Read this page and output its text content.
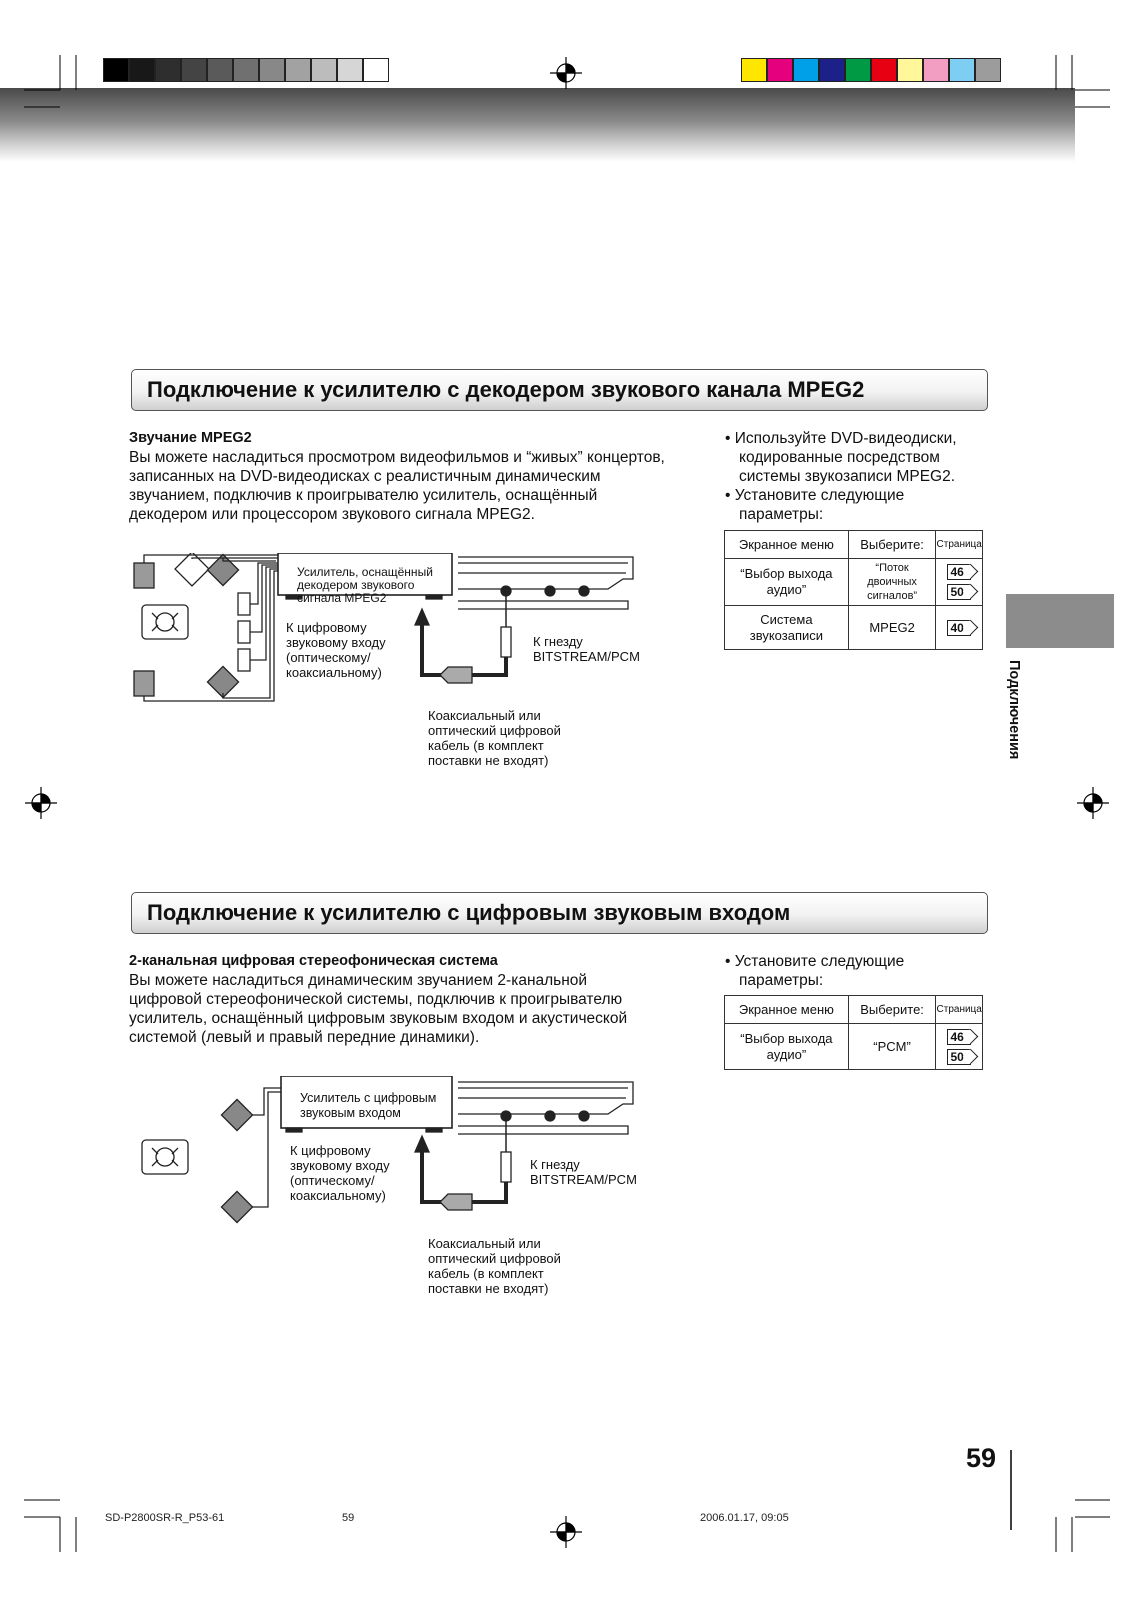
Подключение к усилителю с декодером звукового канала MPEG2
Звучание MPEG2
Вы можете насладиться просмотром видеофильмов и “живых” концертов,
записанных на DVD-видеодисках с реалистичным динамическим
звучанием, подключив к проигрывателю усилитель, оснащённый
декодером или процессором звукового сигнала MPEG2.

• Используйте DVD-видеодиски, кодированные посредством системы звукозаписи MPEG2.

• Установите следующие параметры:

Экранное меню	Выберите:	Страница
“Выбор выхода аудио”	“Поток двоичных сигналов”	46
50
Система звукозаписи	MPEG2	40
Усилитель, оснащённый
декодером звукового
сигнала MPEG2
К цифровому
звуковому входу
(оптическому/
коаксиальному)
К гнезду
BITSTREAM/PCM
Коаксиальный или
оптический цифровой
кабель (в комплект
поставки не входят)
Подключение к усилителю с цифровым звуковым входом
2-канальная цифровая стереофоническая система
Вы можете насладиться динамическим звучанием 2-канальной
цифровой стереофонической системы, подключив к проигрывателю
усилитель, оснащённый цифровым звуковым входом и акустической
системой (левый и правый передние динамики).

• Установите следующие параметры:

Экранное меню	Выберите:	Страница
“Выбор выхода аудио”	“PCM”	46
50
Усилитель с цифровым
звуковым входом
К цифровому
звуковому входу
(оптическому/
коаксиальному)
К гнезду
BITSTREAM/PCM
Коаксиальный или
оптический цифровой
кабель (в комплект
поставки не входят)
Подключения
59
SD-P2800SR-R_P53-61	59	2006.01.17, 09:05
